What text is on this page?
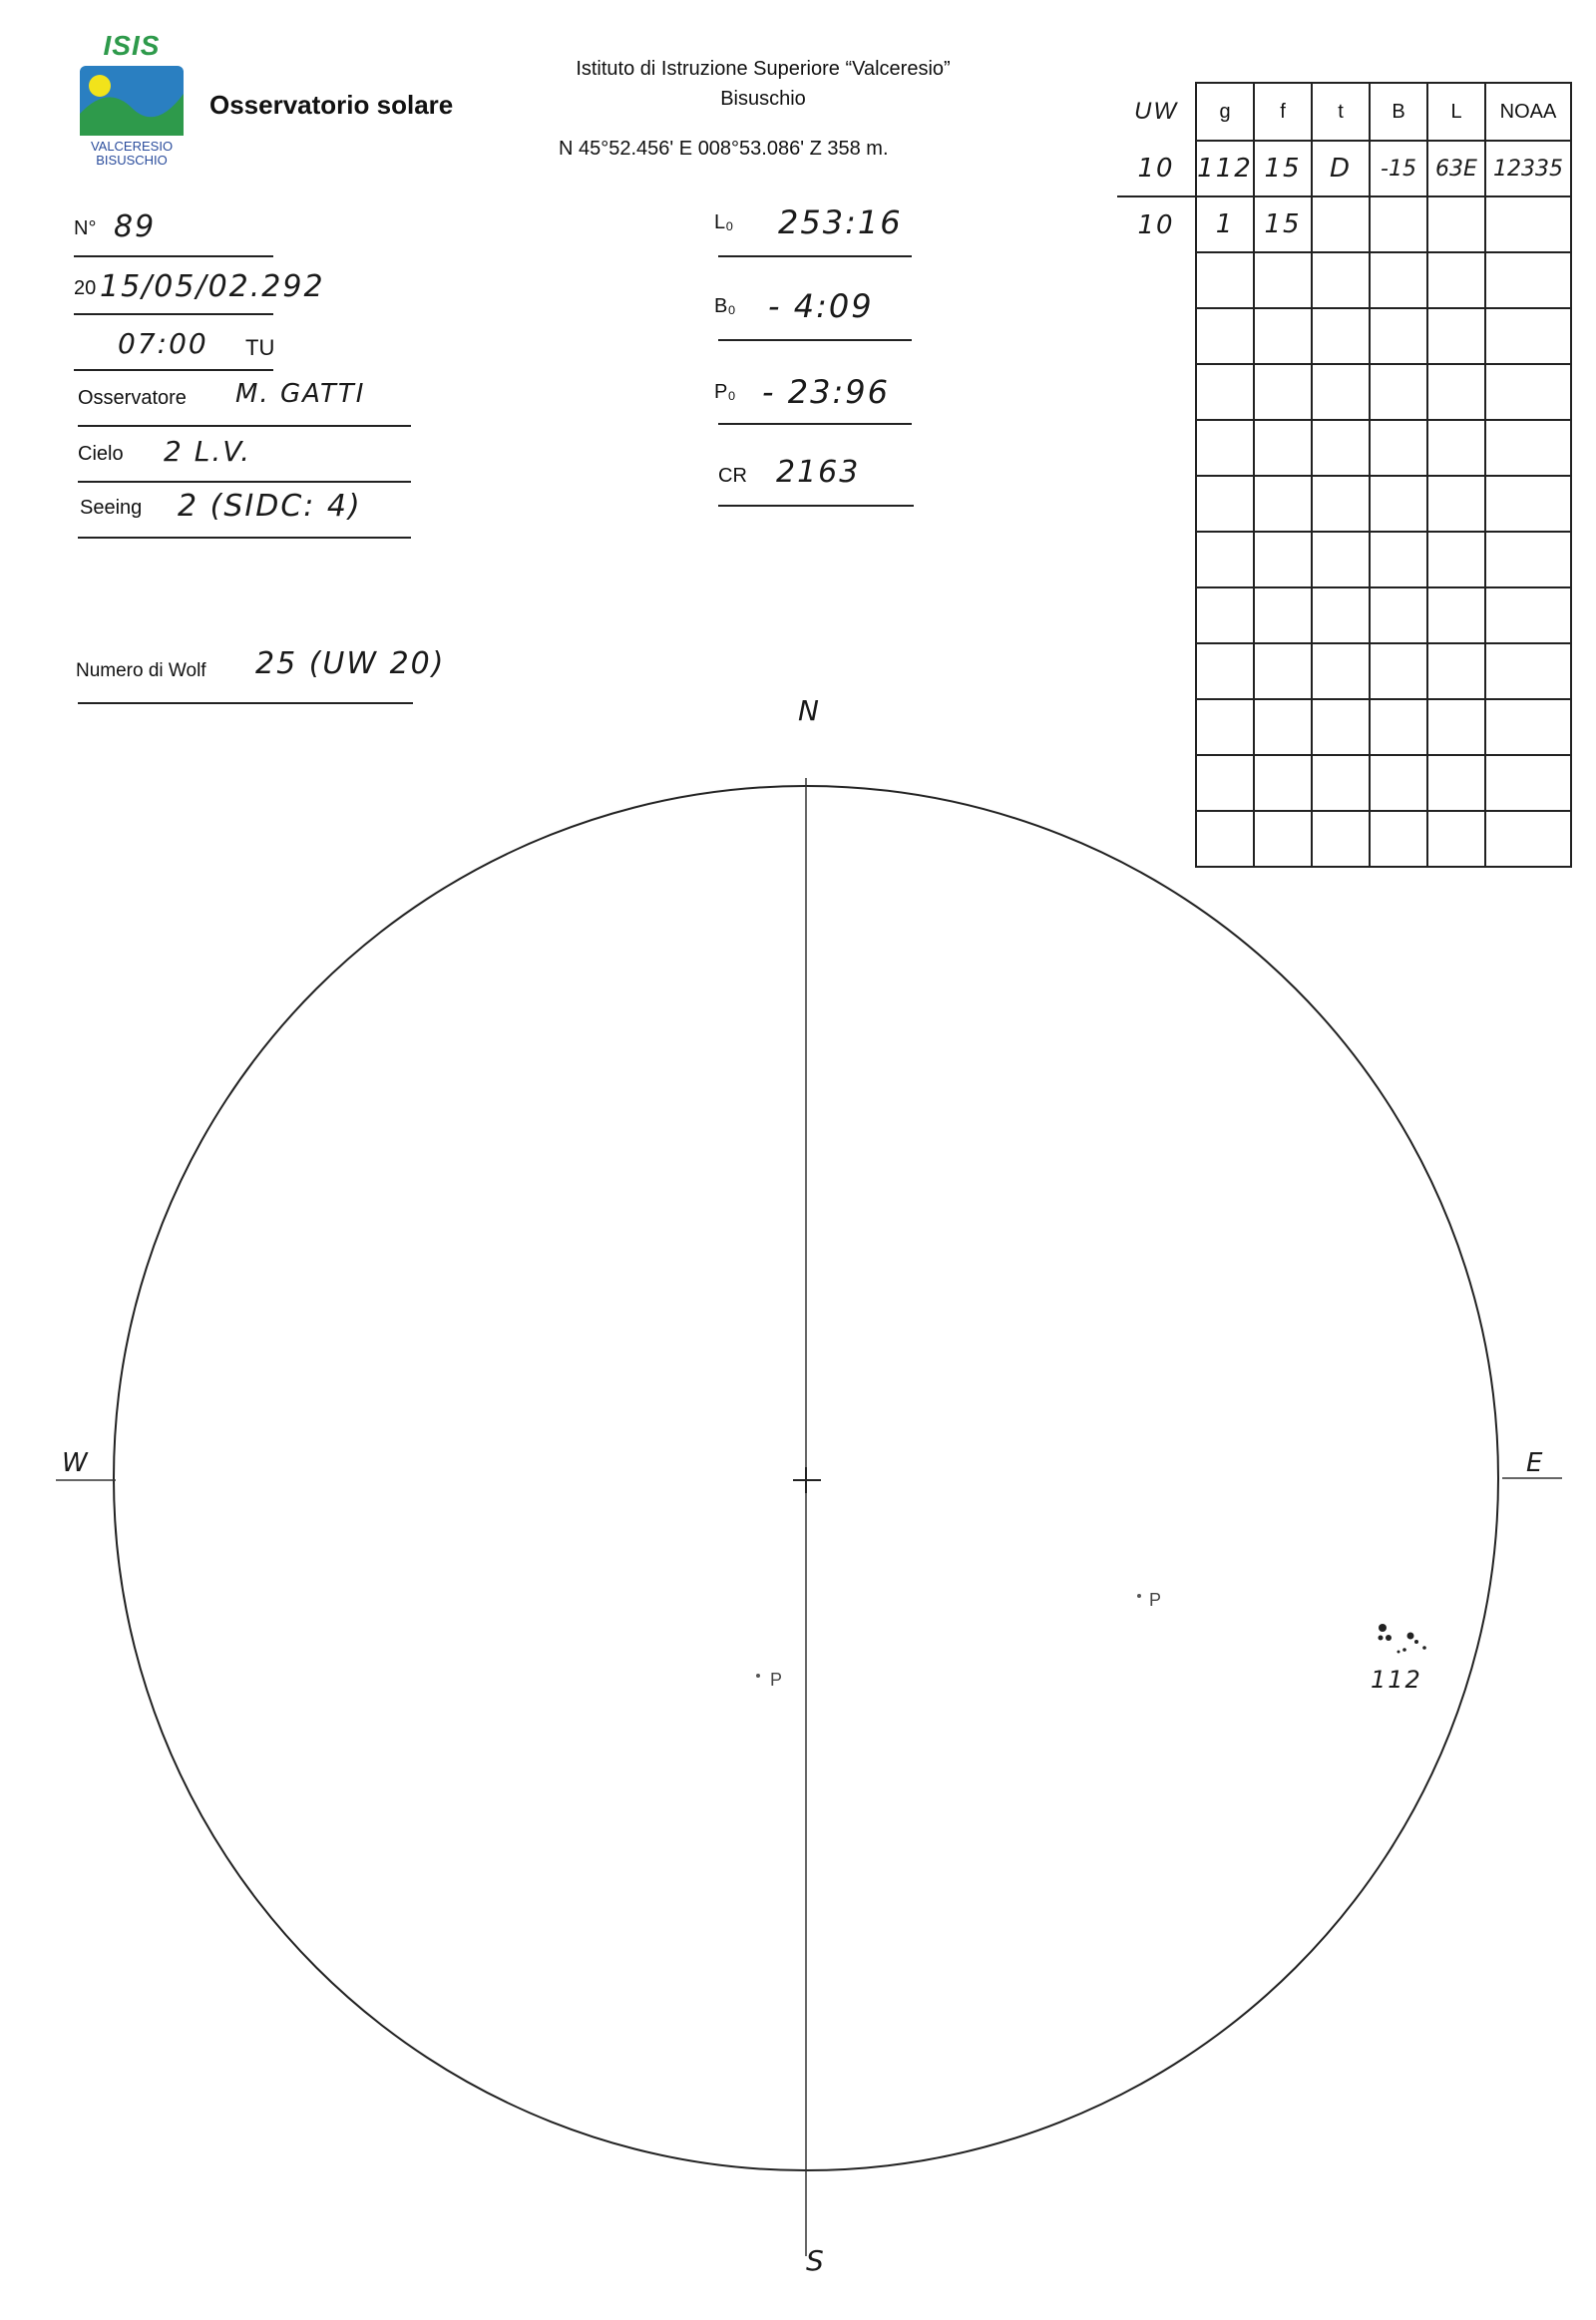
ISIS
VALCERESIO
BISUSCHIO
Osservatorio solare
Istituto di Istruzione Superiore “Valceresio”
Bisuschio
N 45°52.456' E 008°53.086' Z 358 m.
N° 89
20 15/05/02.292
07:00 TU
Osservatore M. GATTI
Cielo 2 L.V.
Seeing 2 (SIDC: 4)
Numero di Wolf 25 (UW 20)
L₀ 253:16
B₀ - 4:09
P₀ - 23:96
CR 2163
UW	g	f	t	B	L	NOAA
10	112	15	D	-15	63E	12335
10	1	15				

N
S
W	E
P
P
112
